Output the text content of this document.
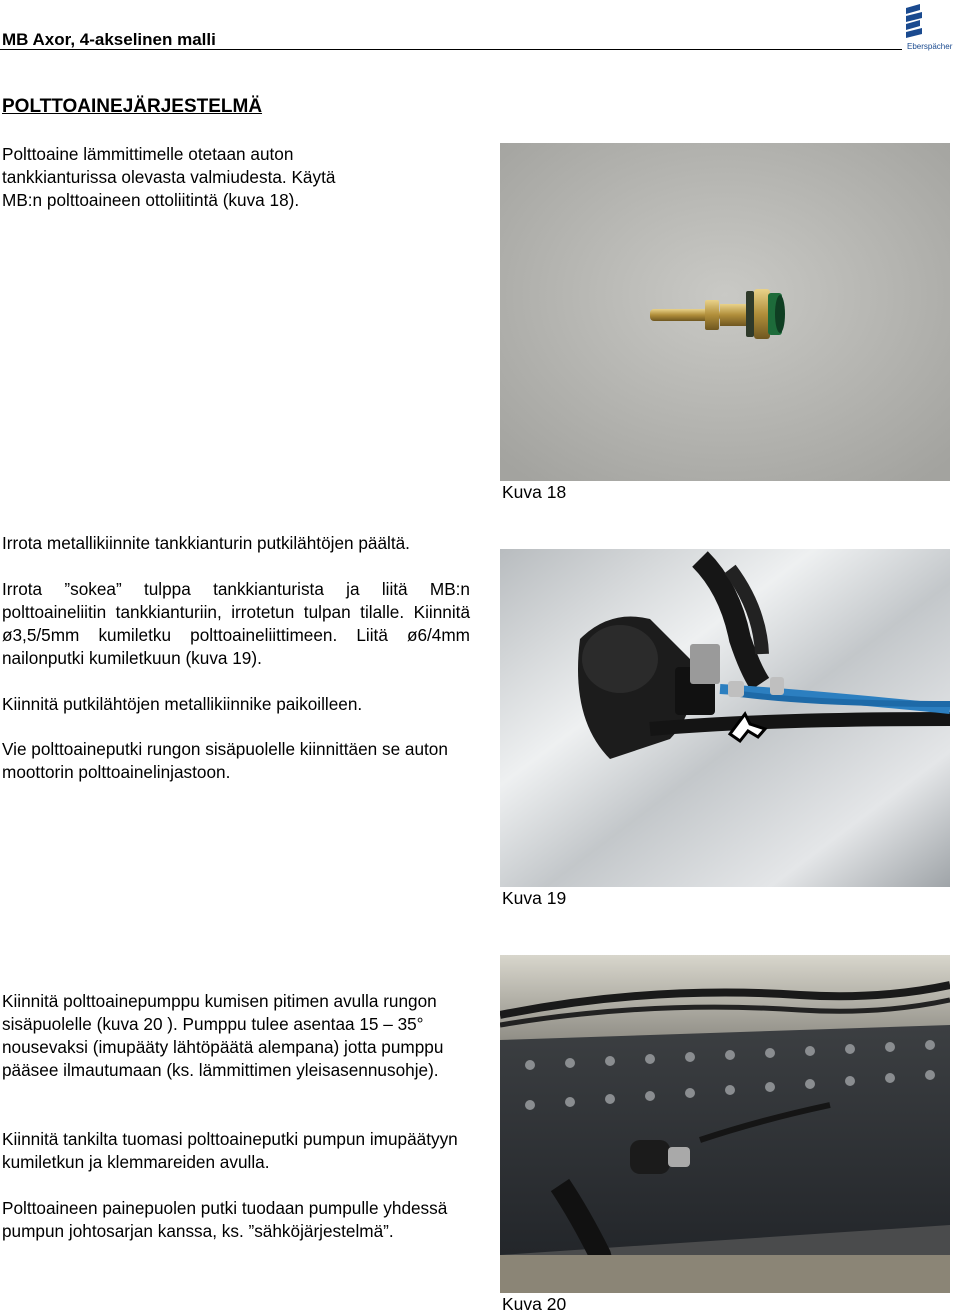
MB Axor, 4-akselinen malli	Eberspächer
POLTTOAINEJÄRJESTELMÄ

Polttoaine lämmittimelle otetaan auton tankkianturissa olevasta valmiudesta. Käytä MB:n polttoaineen ottoliitintä (kuva 18).

Kuva 18

Irrota metallikiinnite tankkianturin putkilähtöjen päältä.

Irrota ”sokea” tulppa tankkianturista ja liitä MB:n polttoaineliitin tankkianturiin, irrotetun tulpan tilalle. Kiinnitä ø3,5/5mm kumiletku polttoaineliittimeen. Liitä ø6/4mm nailonputki kumiletkuun (kuva 19).

Kiinnitä putkilähtöjen metallikiinnike paikoilleen.

Vie polttoaineputki rungon sisäpuolelle kiinnittäen se auton moottorin polttoainelinjastoon.

Kuva 19

Kiinnitä polttoainepumppu kumisen pitimen avulla rungon sisäpuolelle (kuva 20 ). Pumppu tulee asentaa 15 – 35° nousevaksi (imupääty lähtöpäätä alempana) jotta pumppu pääsee ilmautumaan (ks. lämmittimen yleisasennusohje).

Kiinnitä tankilta tuomasi polttoaineputki pumpun imupäätyyn kumiletkun ja klemmareiden avulla.

Polttoaineen painepuolen putki tuodaan pumpulle yhdessä pumpun johtosarjan kanssa, ks. ”sähköjärjestelmä”.

Kuva 20
